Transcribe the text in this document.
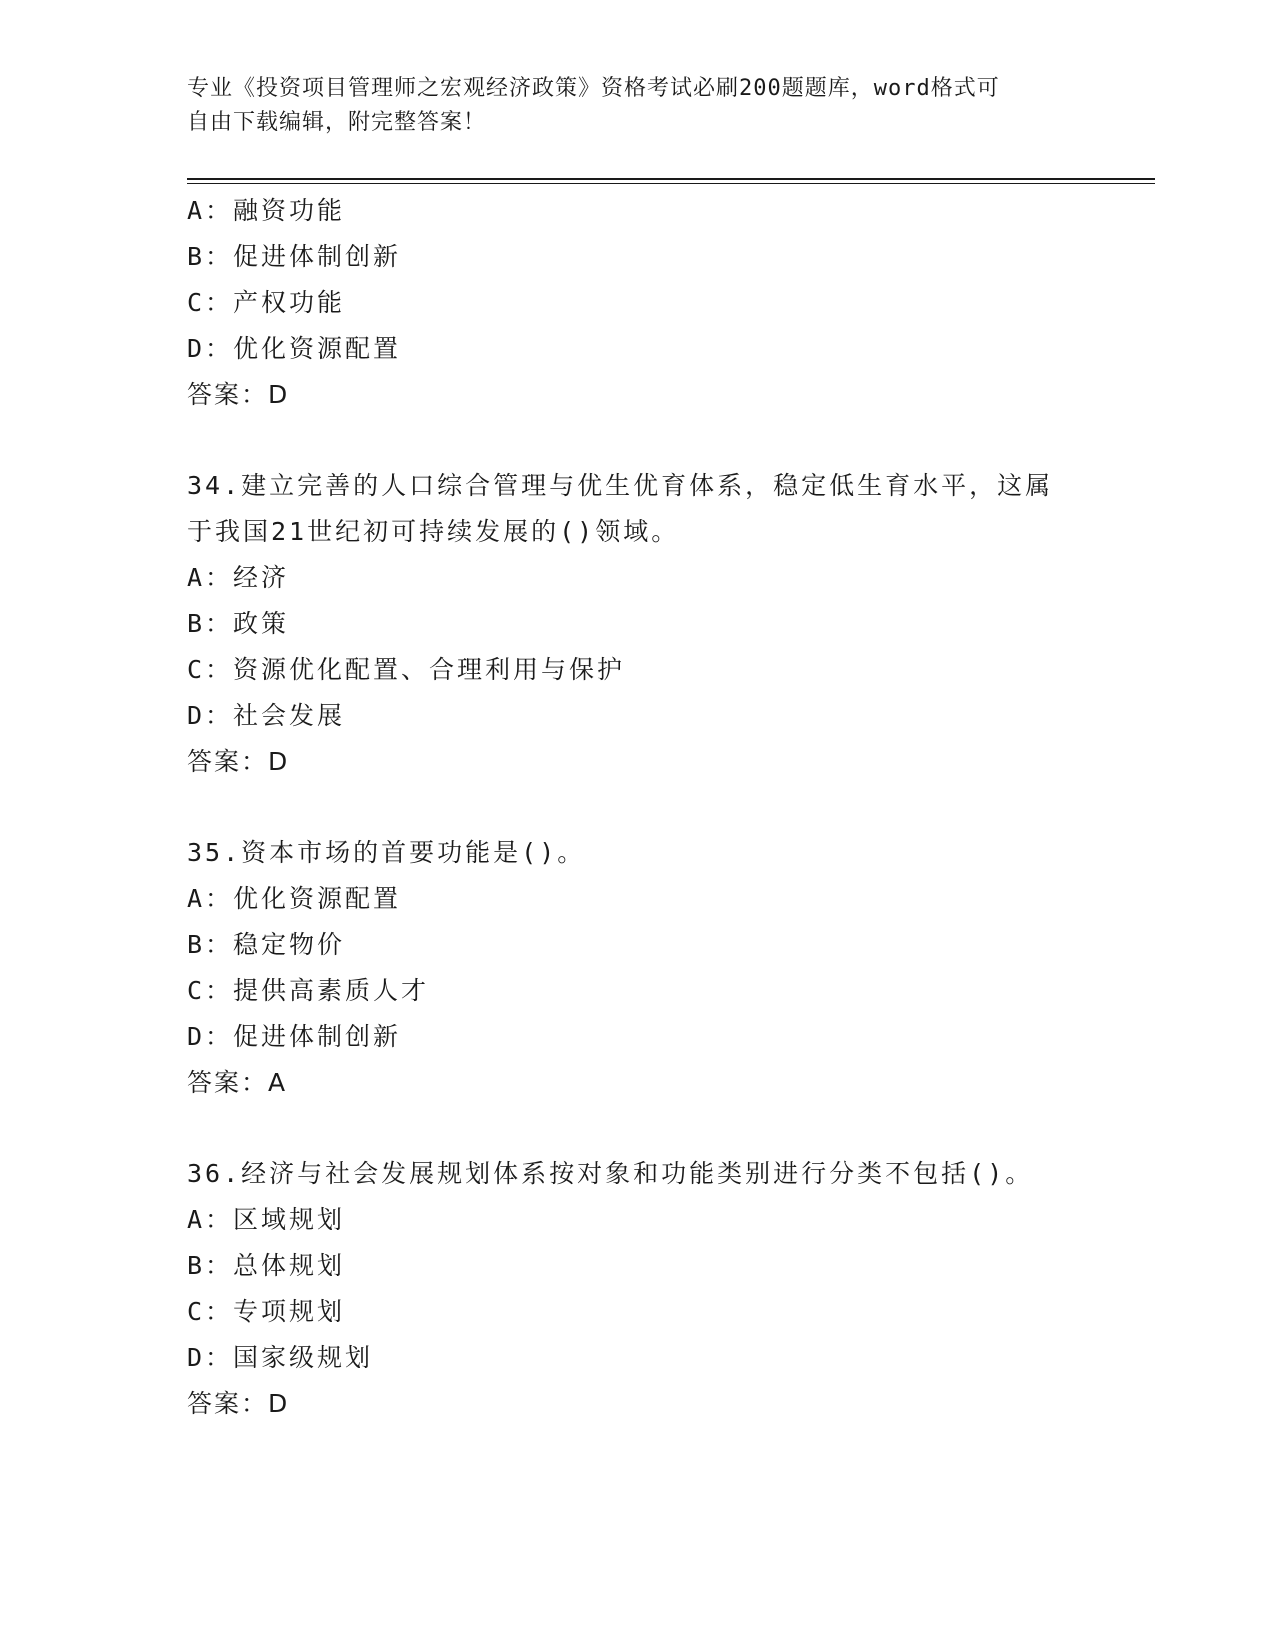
专业《投资项目管理师之宏观经济政策》资格考试必刷200题题库，word格式可
自由下载编辑，附完整答案！
A：融资功能
B：促进体制创新
C：产权功能
D：优化资源配置
答案：D
34.建立完善的人口综合管理与优生优育体系，稳定低生育水平，这属
于我国21世纪初可持续发展的()领域。
A：经济
B：政策
C：资源优化配置、合理利用与保护
D：社会发展
答案：D
35.资本市场的首要功能是()。
A：优化资源配置
B：稳定物价
C：提供高素质人才
D：促进体制创新
答案：A
36.经济与社会发展规划体系按对象和功能类别进行分类不包括()。
A：区域规划
B：总体规划
C：专项规划
D：国家级规划
答案：D
